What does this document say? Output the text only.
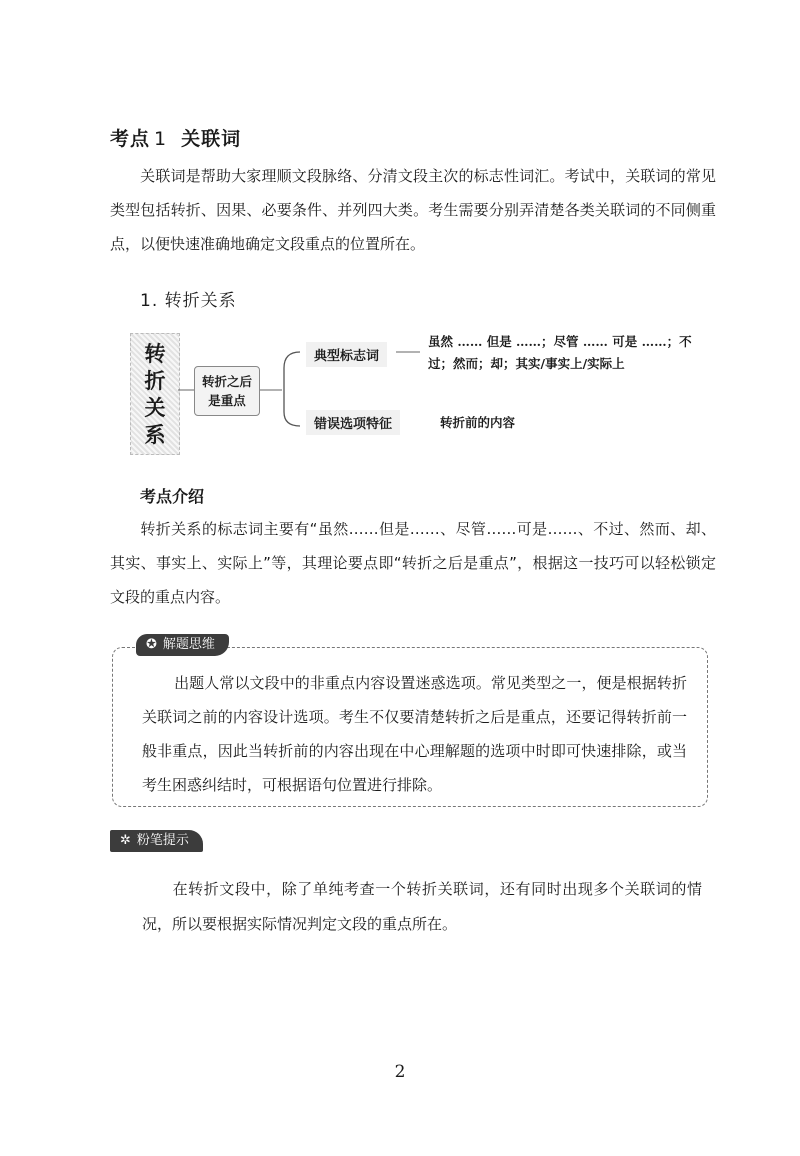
考点 1 关联词
关联词是帮助大家理顺文段脉络、分清文段主次的标志性词汇。考试中，关联词的常见类型包括转折、因果、必要条件、并列四大类。考生需要分别弄清楚各类关联词的不同侧重点，以便快速准确地确定文段重点的位置所在。
1. 转折关系
转
折
关
系
转折之后
是重点
典型标志词
虽然 …… 但是 ……；尽管 …… 可是 ……；不过；然而；却；其实/事实上/实际上
错误选项特征	转折前的内容
考点介绍
转折关系的标志词主要有“虽然……但是……、尽管……可是……、不过、然而、却、其实、事实上、实际上”等，其理论要点即“转折之后是重点”，根据这一技巧可以轻松锁定文段的重点内容。
✪ 解题思维
出题人常以文段中的非重点内容设置迷惑选项。常见类型之一，便是根据转折关联词之前的内容设计选项。考生不仅要清楚转折之后是重点，还要记得转折前一般非重点，因此当转折前的内容出现在中心理解题的选项中时即可快速排除，或当考生困惑纠结时，可根据语句位置进行排除。
✲ 粉笔提示
在转折文段中，除了单纯考查一个转折关联词，还有同时出现多个关联词的情况，所以要根据实际情况判定文段的重点所在。
2
